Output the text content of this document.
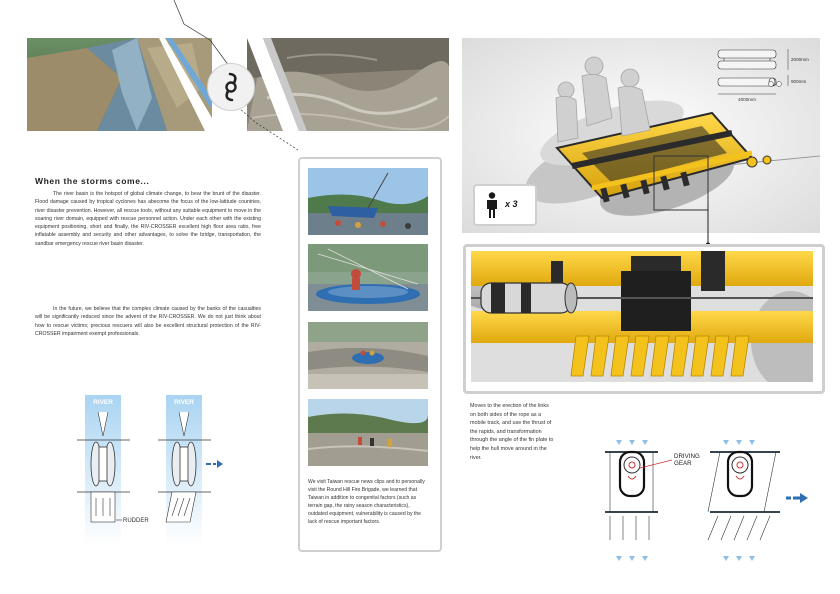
When the storms come...

The river basin is the hotspot of global climate change, to bear the brunt of the disaster. Flood damage caused by tropical cyclones has abecome the focus of the low-latitude countries, river disaster prevention. However, all rescue tools, without any suitable equipment to move in the soaring river domain, equipped with rescue personnel action. Under each other with the existing equipment positioning, short and finally, the RIV-CROSSER excellent high floor area ratio, free inflatable assembly and security and other advantages, to solve the bridge, transportation, the sandbar emergency rescue river basin disaster.

In the future, we believe that the complex climate caused by the banks of the casualties will be significantly reduced since the advent of the RIV-CROSSER. We do not just think about how to rescue victims; precious rescuers will also be excellent structural protection of the RIV-CROSSER impairment exempt professionals.

RIVER
RUDDER
RIVER

We visit Taiwan rescue news clips and to personally visit the Round Hill Fire Brigade, we learned that Taiwan in addition to congenital factors (such as terrain gap, the rainy season characteristics), outdated equipment, vulnerability is caused by the lack of rescue important factors.

2000mm
900mm
4000mm
x 3

Moves to the erection of the links on both sides of the rope as a mobile track, and use the thrust of the rapids, and transformation through the angle of the fin plate to help the hull move around in the river.	DRIVING
GEAR
